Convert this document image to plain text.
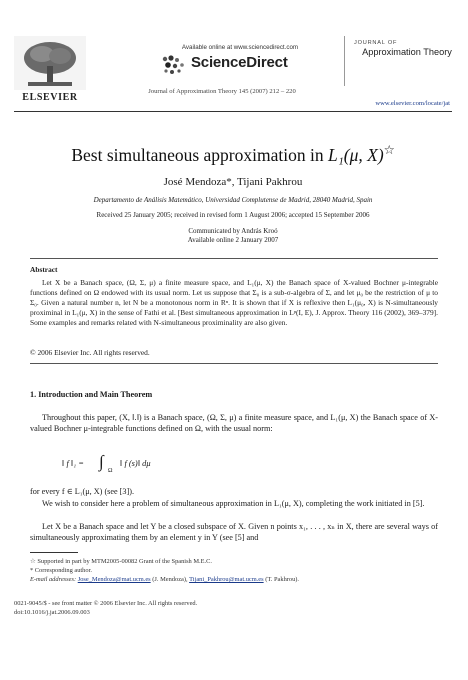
ELSEVIER
Available online at www.sciencedirect.com
ScienceDirect
Journal of Approximation Theory 145 (2007) 212 – 220
JOURNAL OF
Approximation Theory
www.elsevier.com/locate/jat
Best simultaneous approximation in L₁(μ, X)☆
José Mendoza*, Tijani Pakhrou
Departamento de Análisis Matemático, Universidad Complutense de Madrid, 28040 Madrid, Spain
Received 25 January 2005; received in revised form 1 August 2006; accepted 15 September 2006
Communicated by András Kroó
Available online 2 January 2007
Abstract

Let X be a Banach space, (Ω, Σ, μ) a finite measure space, and L₁(μ, X) the Banach space of X-valued Bochner μ-integrable functions defined on Ω endowed with its usual norm. Let us suppose that Σ₀ is a sub-σ-algebra of Σ, and let μ₀ be the restriction of μ to Σ₀. Given a natural number n, let N be a monotonous norm in Rⁿ. It is shown that if X is reflexive then L₁(μ₀, X) is N-simultaneously proximinal in L₁(μ, X) in the sense of Fathi et al. [Best simultaneous approximation in Lᵖ(I, E), J. Approx. Theory 116 (2002), 369–379]. Some examples and remarks related with N-simultaneous proximinality are also given.

© 2006 Elsevier Inc. All rights reserved.
1. Introduction and Main Theorem

Throughout this paper, (X, ‖.‖) is a Banach space, (Ω, Σ, μ) a finite measure space, and L₁(μ, X) the Banach space of X-valued Bochner μ-integrable functions defined on Ω, with the usual norm:

‖ f ‖₁ = ∫ Ω
‖ f (s)‖ dμ
for every f ∈ L₁(μ, X) (see [3]).

We wish to consider here a problem of simultaneous approximation in L₁(μ, X), completing the work initiated in [5].

Let X be a Banach space and let Y be a closed subspace of X. Given n points x₁, . . . , xₙ in X, there are several ways of simultaneously approximating them by an element y in Y (see [5] and

☆ Supported in part by MTM2005-00082 Grant of the Spanish M.E.C.
* Corresponding author.
E-mail addresses: Jose_Mendoza@mat.ucm.es (J. Mendoza), Tijani_Pakhrou@mat.ucm.es (T. Pakhrou).
0021-9045/$ - see front matter © 2006 Elsevier Inc. All rights reserved.
doi:10.1016/j.jat.2006.09.003
